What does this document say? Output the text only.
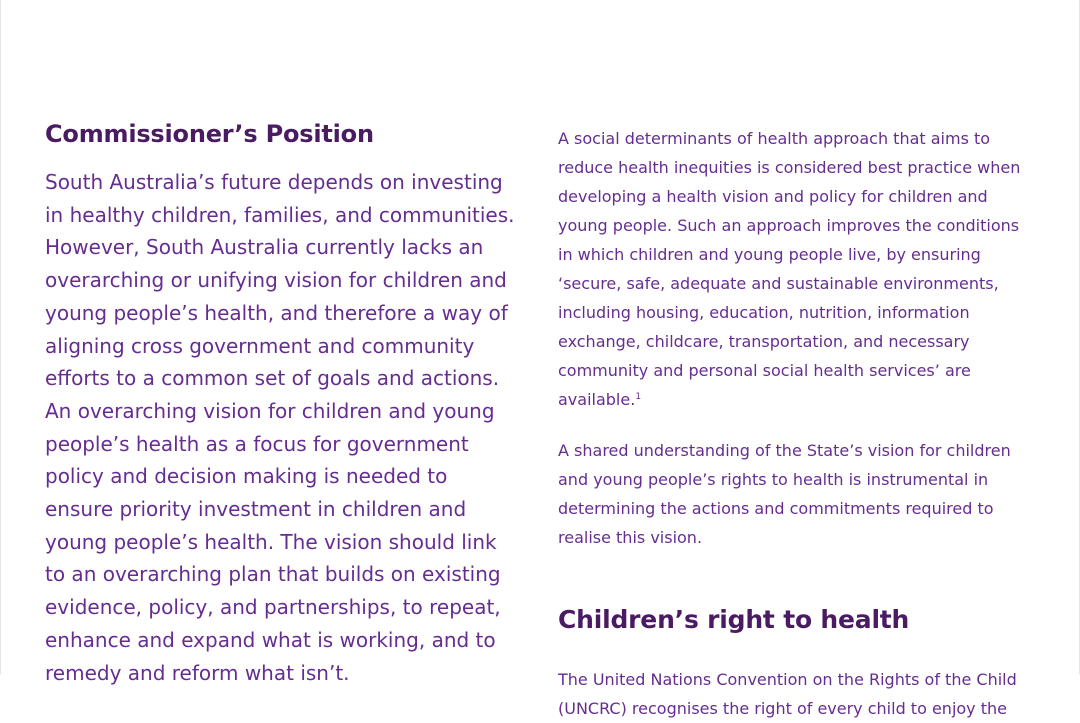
Commissioner’s Position

South Australia’s future depends on investing in healthy children, families, and communities. However, South Australia currently lacks an overarching or unifying vision for children and young people’s health, and therefore a way of aligning cross government and community efforts to a common set of goals and actions. An overarching vision for children and young people’s health as a focus for government policy and decision making is needed to ensure priority investment in children and young people’s health. The vision should link to an overarching plan that builds on existing evidence, policy, and partnerships, to repeat, enhance and expand what is working, and to remedy and reform what isn’t.

A social determinants of health approach that aims to reduce health inequities is considered best practice when developing a health vision and policy for children and young people. Such an approach improves the conditions in which children and young people live, by ensuring ‘secure, safe, adequate and sustainable environments, including housing, education, nutrition, information exchange, childcare, transportation, and necessary community and personal social health services’ are available.$^1$

A shared understanding of the State’s vision for children and young people’s rights to health is instrumental in determining the actions and commitments required to realise this vision.

Children’s right to health

The United Nations Convention on the Rights of the Child (UNCRC) recognises the right of every child to enjoy the
